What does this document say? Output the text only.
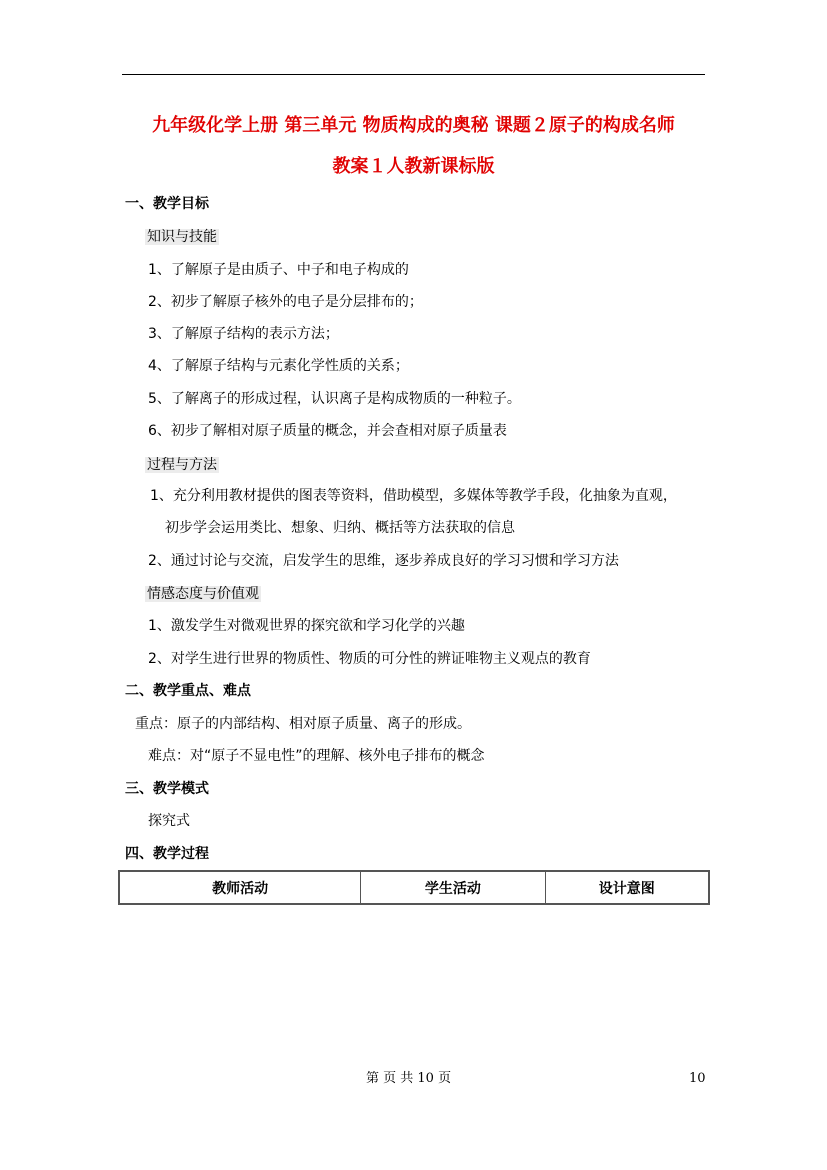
九年级化学上册 第三单元 物质构成的奥秘 课题２原子的构成名师
教案１人教新课标版
一、教学目标
知识与技能
1、了解原子是由质子、中子和电子构成的
2、初步了解原子核外的电子是分层排布的；
3、了解原子结构的表示方法；
4、了解原子结构与元素化学性质的关系；
5、了解离子的形成过程，认识离子是构成物质的一种粒子。
6、初步了解相对原子质量的概念，并会查相对原子质量表
过程与方法
1、充分利用教材提供的图表等资料，借助模型，多媒体等教学手段，化抽象为直观，
初步学会运用类比、想象、归纳、概括等方法获取的信息
2、通过讨论与交流，启发学生的思维，逐步养成良好的学习习惯和学习方法
情感态度与价值观
1、激发学生对微观世界的探究欲和学习化学的兴趣
2、对学生进行世界的物质性、物质的可分性的辨证唯物主义观点的教育
二、教学重点、难点
重点：原子的内部结构、相对原子质量、离子的形成。
难点：对“原子不显电性”的理解、核外电子排布的概念
三、教学模式
探究式
四、教学过程
教师活动	学生活动	设计意图
第 页 共 10 页	10
